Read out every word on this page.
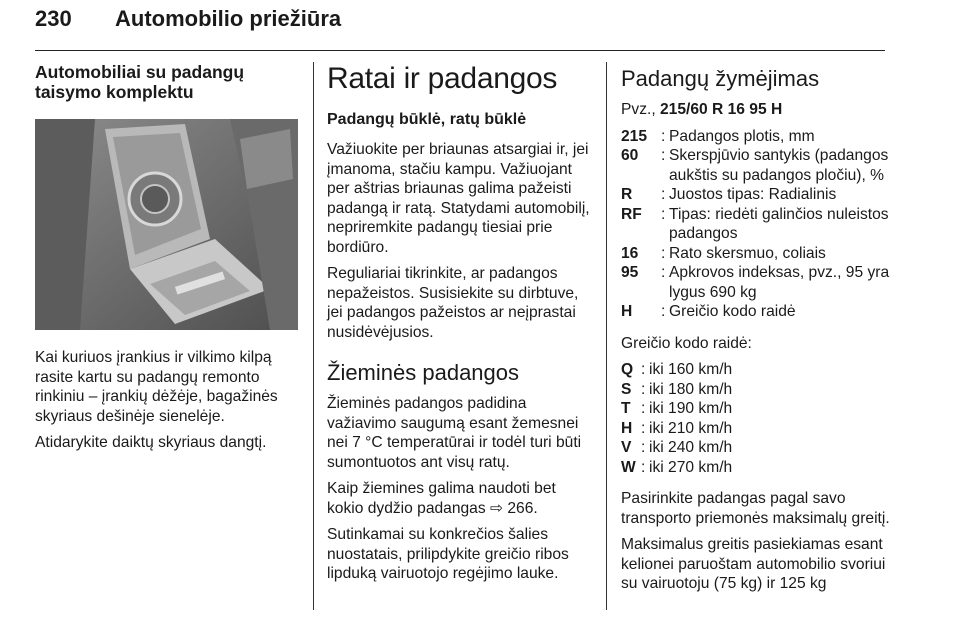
230 Automobilio priežiūra
Automobiliai su padangų taisymo komplektu

Kai kuriuos įrankius ir vilkimo kilpą rasite kartu su padangų remonto rinkiniu – įrankių dėžėje, bagažinės skyriaus dešinėje sienelėje.

Atidarykite daiktų skyriaus dangtį.

Ratai ir padangos
Padangų būklė, ratų būklė

Važiuokite per briaunas atsargiai ir, jei įmanoma, stačiu kampu. Važiuojant per aštrias briaunas galima pažeisti padangą ir ratą. Statydami automobilį, nepriremkite padangų tiesiai prie bordiūro.

Reguliariai tikrinkite, ar padangos nepažeistos. Susisiekite su dirbtuve, jei padangos pažeistos ar neįprastai nusidėvėjusios.

Žieminės padangos

Žieminės padangos padidina važiavimo saugumą esant žemesnei nei 7 °C temperatūrai ir todėl turi būti sumontuotos ant visų ratų.

Kaip žiemines galima naudoti bet kokio dydžio padangas ⇨ 266.

Sutinkamai su konkrečios šalies nuostatais, prilipdykite greičio ribos lipduką vairuotojo regėjimo lauke.

Padangų žymėjimas

Pvz., 215/60 R 16 95 H

215 : Padangos plotis, mm
60	: Skerspjūvio santykis (padangos aukštis su padangos pločiu), %
R	: Juostos tipas: Radialinis
RF	: Tipas: riedėti galinčios nuleistos padangos
16	: Rato skersmuo, coliais
95	: Apkrovos indeksas, pvz., 95 yra lygus 690 kg
H	: Greičio kodo raidė

Greičio kodo raidė:

Q : iki 160 km/h
S : iki 180 km/h
T : iki 190 km/h
H : iki 210 km/h
V : iki 240 km/h
W : iki 270 km/h

Pasirinkite padangas pagal savo transporto priemonės maksimalų greitį.

Maksimalus greitis pasiekiamas esant kelionei paruoštam automobilio svoriui su vairuotoju (75 kg) ir 125 kg
